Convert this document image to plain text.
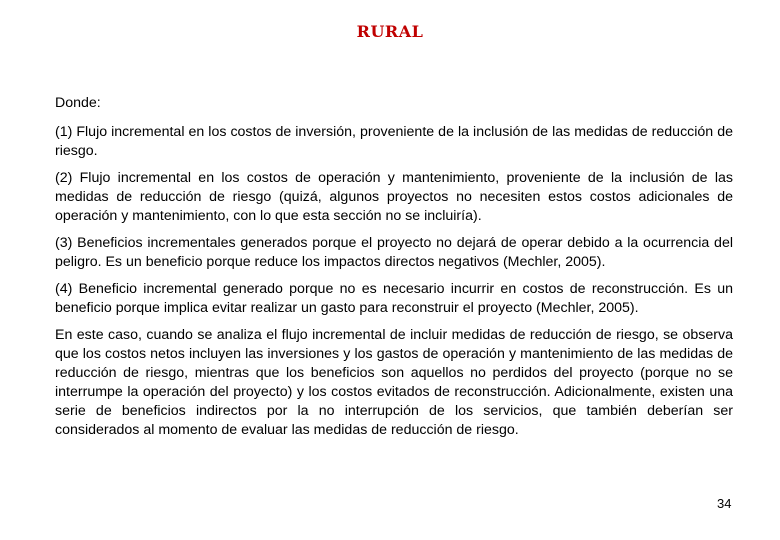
RURAL

Donde:

(1) Flujo incremental en los costos de inversión, proveniente de la inclusión de las medidas de reducción de riesgo.

(2) Flujo incremental en los costos de operación y mantenimiento, proveniente de la inclusión de las medidas de reducción de riesgo (quizá, algunos proyectos no necesiten estos costos adicionales de operación y mantenimiento, con lo que esta sección no se incluiría).

(3) Beneficios incrementales generados porque el proyecto no dejará de operar debido a la ocurrencia del peligro. Es un beneficio porque reduce los impactos directos negativos (Mechler, 2005).

(4) Beneficio incremental generado porque no es necesario incurrir en costos de reconstrucción. Es un beneficio porque implica evitar realizar un gasto para reconstruir el proyecto (Mechler, 2005).

En este caso, cuando se analiza el flujo incremental de incluir medidas de reducción de riesgo, se observa que los costos netos incluyen las inversiones y los gastos de operación y mantenimiento de las medidas de reducción de riesgo, mientras que los beneficios son aquellos no perdidos del proyecto (porque no se interrumpe la operación del proyecto) y los costos evitados de reconstrucción. Adicionalmente, existen una serie de beneficios indirectos por la no interrupción de los servicios, que también deberían ser considerados al momento de evaluar las medidas de reducción de riesgo.

34
